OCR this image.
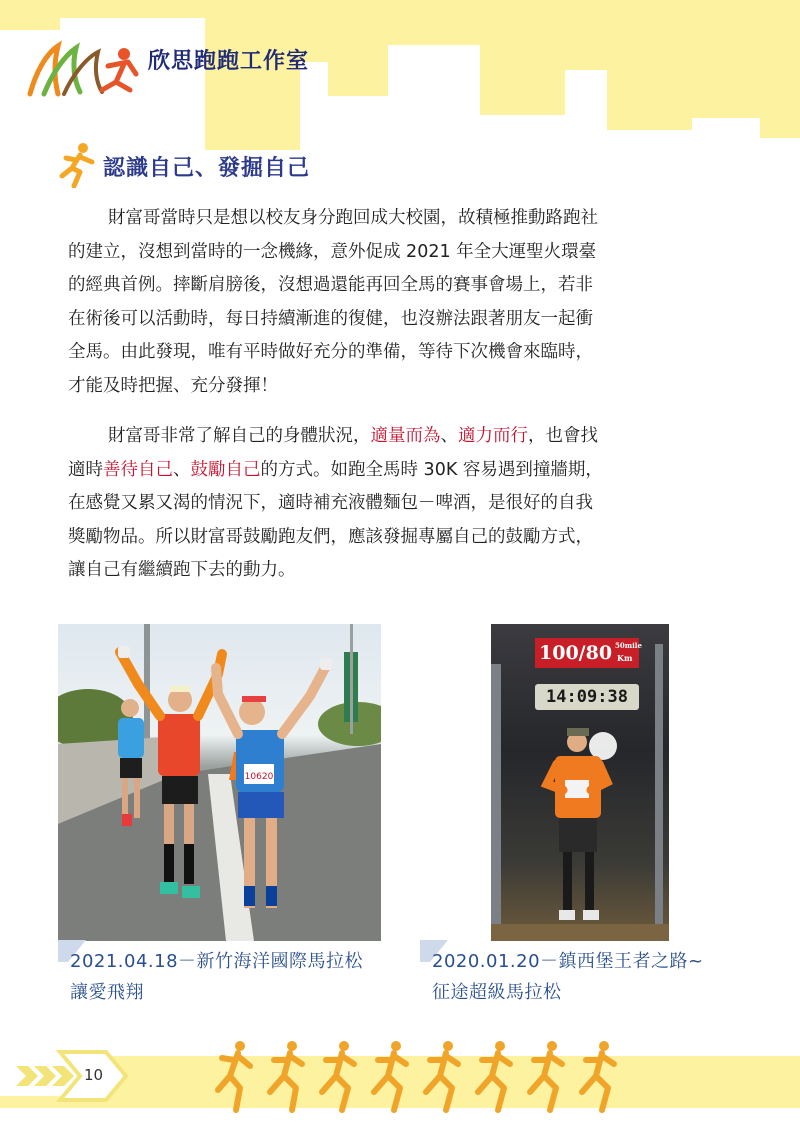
欣思跑跑工作室
認識自己、發掘自己

財富哥當時只是想以校友身分跑回成大校園，故積極推動路跑社
的建立，沒想到當時的一念機緣，意外促成 2021 年全大運聖火環臺
的經典首例。摔斷肩膀後，沒想過還能再回全馬的賽事會場上，若非
在術後可以活動時，每日持續漸進的復健，也沒辦法跟著朋友一起衝
全馬。由此發現，唯有平時做好充分的準備，等待下次機會來臨時，
才能及時把握、充分發揮！

財富哥非常了解自己的身體狀況，適量而為、適力而行，也會找
適時善待自己、鼓勵自己的方式。如跑全馬時 30K 容易遇到撞牆期，
在感覺又累又渴的情況下，適時補充液體麵包－啤酒，是很好的自我
獎勵物品。所以財富哥鼓勵跑友們，應該發掘專屬自己的鼓勵方式，
讓自己有繼續跑下去的動力。

10620
100/80 50mile
Km
14:09:38

2021.04.18－新竹海洋國際馬拉松
讓愛飛翔

2020.01.20－鎮西堡王者之路~
征途超級馬拉松

10
